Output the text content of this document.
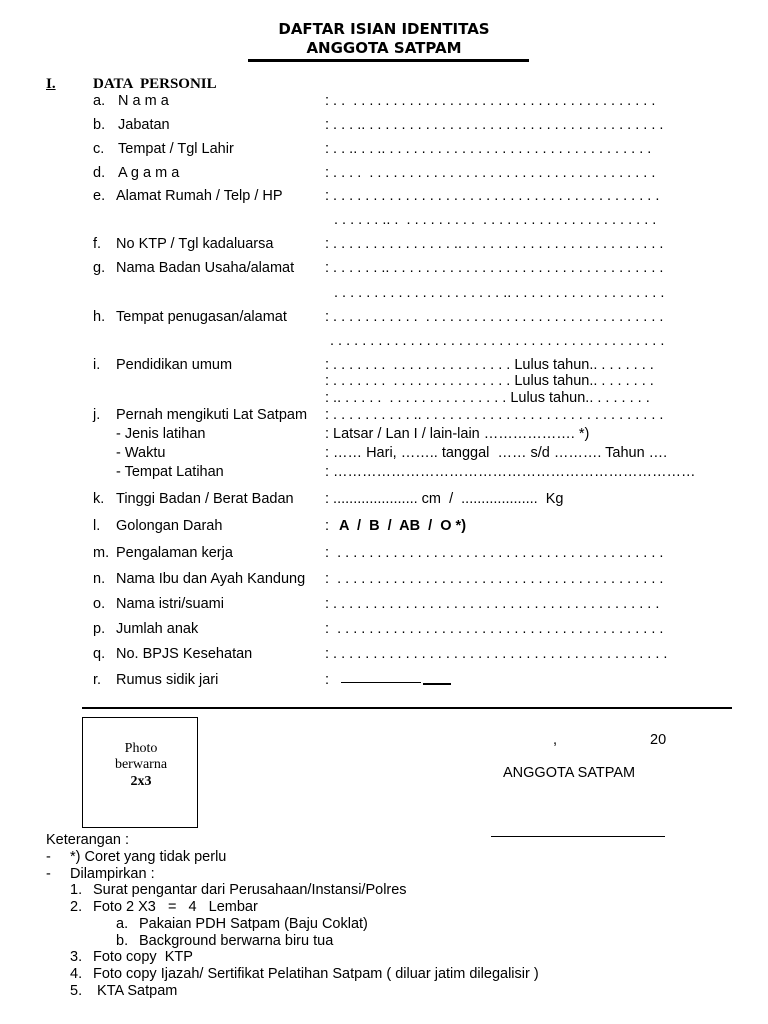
DAFTAR ISIAN IDENTITAS
ANGGOTA SATPAM
I. DATA  PERSONIL
a. N a m a	: . .  . . . . . . . . . . . . . . . . . . . . . . . . . . . . . . . . . . . . . .
b. Jabatan	: . . . .. . . . . . . . . . . . . . . . . . . . . . . . . . . . . . . . . . . . . .
c. Tempat / Tgl Lahir	: . . .. . . .. . . . . . . . . . . . . . . . . . . . . . . . . . . . . . . . . .
d. A g a m a	: . . . .  . . . . . . . . . . . . . . . . . . . . . . . . . . . . . . . . . . . .
e. Alamat Rumah / Telp / HP	: . . . . . . . . . . . . . . . . . . . . . . . . . . . . . . . . . . . . . . . . .
. . . . . . .. .  . . . . . . . . .  . . . . . . . . . . . . . . . . . . . . . .
f. No KTP / Tgl kadaluarsa	: . . . . . . . . . . . . . . . .. . . . . . . . . . . . . . . . . . . . . . . . . .
g. Nama Badan Usaha/alamat : . . . . . . .. . . . . . . . . . . . . . . . . . . . . . . . . . . . . . . . . . .
. . . . . . . . . . . . . . . . . . . . . .. . . . . . . . . . . . . . . . . . . .
h. Tempat penugasan/alamat	: . . . . . . . . . . .  . . . . . . . . . . . . . . . . . . . . . . . . . . . . . .
. . . . . . . . . . . . . . . . . . . . . . . . . . . . . . . . . . . . . . . . . .
i. Pendidikan umum	: . . . . . . .  . . . . . . . . . . . . . . . Lulus tahun.. . . . . . . .
: . . . . . . .  . . . . . . . . . . . . . . . Lulus tahun.. . . . . . . .
: .. . . . . .  . . . . . . . . . . . . . . . Lulus tahun.. . . . . . . .
j. Pernah mengikuti Lat Satpam : . . . . . . . . . . .. . . . . . . . . . . . . . . . . . . . . . . . . . . . . . .
- Jenis latihan	: Latsar / Lan I / lain-lain ………………. *)
- Waktu	: …… Hari, …….. tanggal  …… s/d ………. Tahun ….
- Tempat Latihan	: …………………………………………………………………
k. Tinggi Badan / Berat Badan : ..................... cm  /  ...................  Kg
l. Golongan Darah	: A  /  B  /  AB  /  O *)
m. Pengalaman kerja	:  . . . . . . . . . . . . . . . . . . . . . . . . . . . . . . . . . . . . . . . . .
n. Nama Ibu dan Ayah Kandung :  . . . . . . . . . . . . . . . . . . . . . . . . . . . . . . . . . . . . . . . . .
o. Nama istri/suami	: . . . . . . . . . . . . . . . . . . . . . . . . . . . . . . . . . . . . . . . . .
p. Jumlah anak	:  . . . . . . . . . . . . . . . . . . . . . . . . . . . . . . . . . . . . . . . . .
q. No. BPJS Kesehatan	: . . . . . . . . . . . . . . . . . . . . . . . . . . . . . . . . . . . . . . . . . .
r. Rumus sidik jari	:
Photo
berwarna
2x3
,	20
ANGGOTA SATPAM
Keterangan :
- *) Coret yang tidak perlu
- Dilampirkan :
1. Surat pengantar dari Perusahaan/Instansi/Polres
2. Foto 2 X3   =   4   Lembar
a. Pakaian PDH Satpam (Baju Coklat)
b. Background berwarna biru tua
3. Foto copy  KTP
4. Foto copy Ijazah/ Sertifikat Pelatihan Satpam ( diluar jatim dilegalisir )
5. KTA Satpam
